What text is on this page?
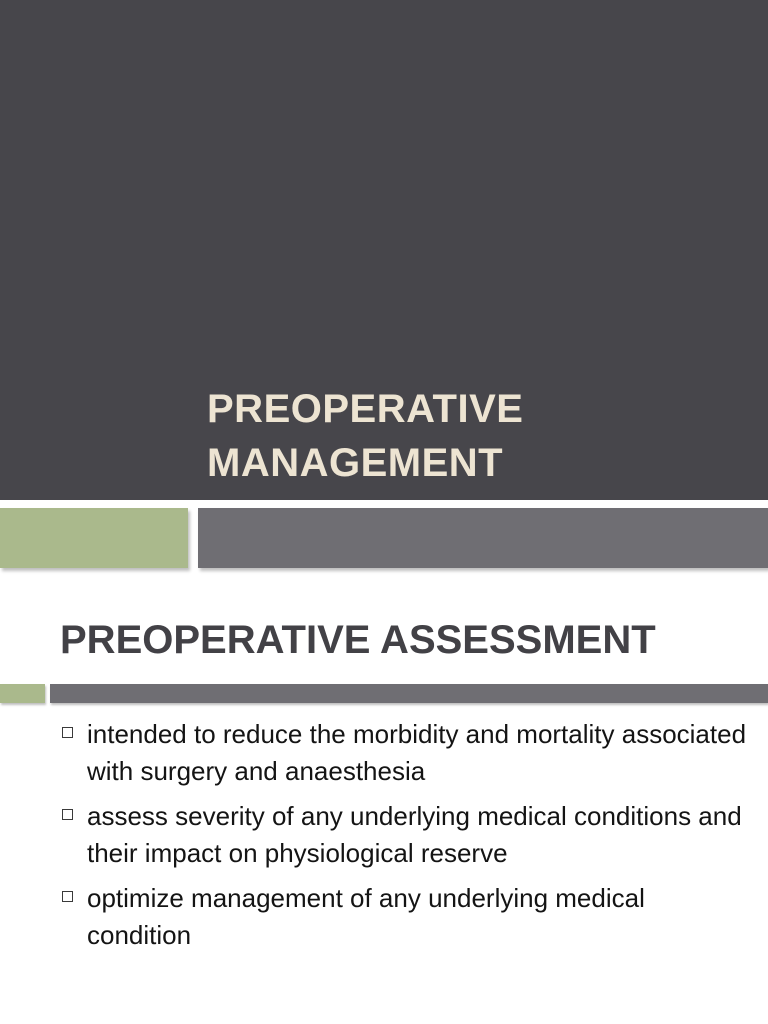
PREOPERATIVE
MANAGEMENT
PREOPERATIVE ASSESSMENT
intended to reduce the morbidity and mortality associated with surgery and anaesthesia
assess severity of any underlying medical conditions and their impact on physiological reserve
optimize management of any underlying medical condition
